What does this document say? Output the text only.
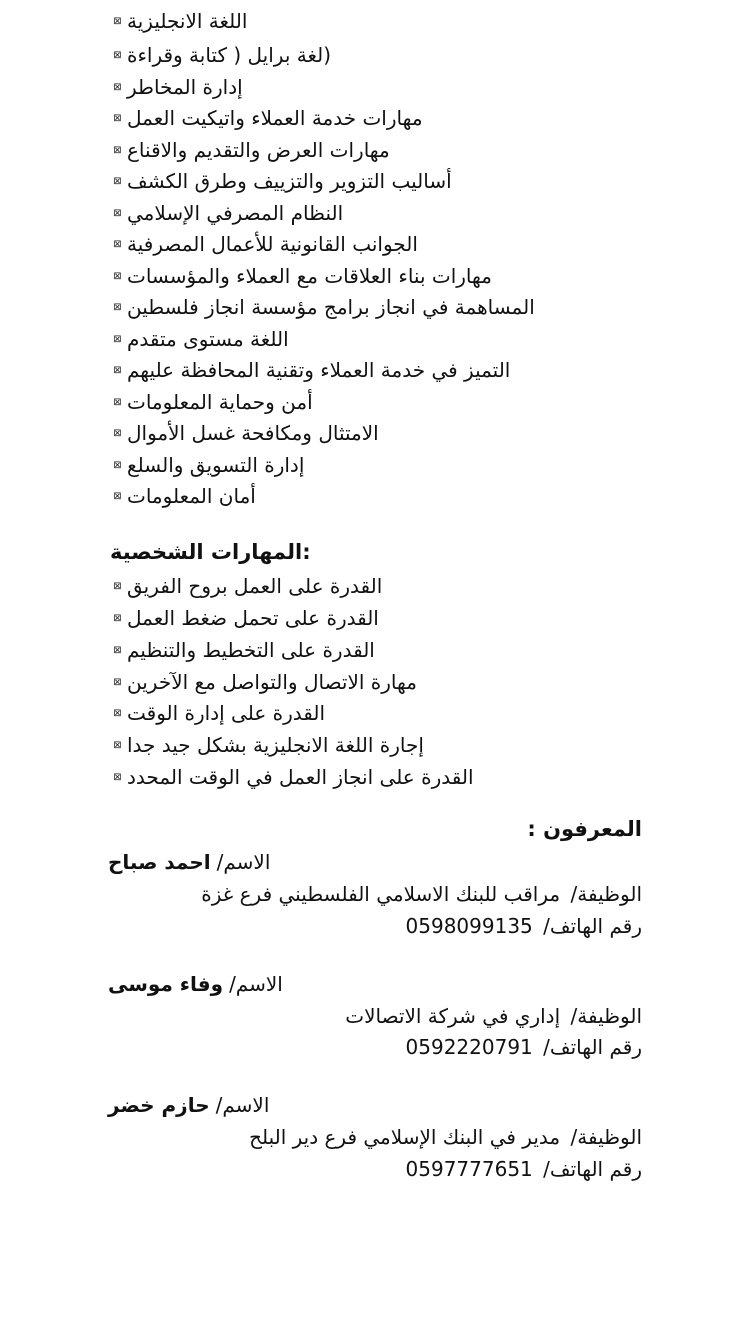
⊠ اللغة الانجليزية
⊠ (لغة برايل ( كتابة وقراءة
⊠ إدارة المخاطر
⊠ مهارات خدمة العملاء واتيكيت العمل
⊠ مهارات العرض والتقديم والاقناع
⊠ أساليب التزوير والتزييف وطرق الكشف
⊠ النظام المصرفي الإسلامي
⊠ الجوانب القانونية للأعمال المصرفية
⊠ مهارات بناء العلاقات مع العملاء والمؤسسات
⊠ المساهمة في انجاز برامج مؤسسة انجاز فلسطين
⊠ اللغة مستوى متقدم
⊠ التميز في خدمة العملاء وتقنية المحافظة عليهم
⊠ أمن وحماية المعلومات
⊠ الامتثال ومكافحة غسل الأموال
⊠ إدارة التسويق والسلع
⊠ أمان المعلومات
:المهارات الشخصية
⊠ القدرة على العمل بروح الفريق
⊠ القدرة على تحمل ضغط العمل
⊠ القدرة على التخطيط والتنظيم
⊠ مهارة الاتصال والتواصل مع الآخرين
⊠ القدرة على إدارة الوقت
⊠ إجارة اللغة الانجليزية بشكل جيد جدا
⊠ القدرة على انجاز العمل في الوقت المحدد
المعرفون :
الاسم/
احمد صباح
الوظيفة/ مراقب للبنك الاسلامي الفلسطيني فرع غزة
رقم الهاتف/ 0598099135
الاسم/
وفاء موسى
الوظيفة/ إداري في شركة الاتصالات
رقم الهاتف/ 0592220791
الاسم/
حازم خضر
الوظيفة/ مدير في البنك الإسلامي فرع دير البلح
رقم الهاتف/ 0597777651
